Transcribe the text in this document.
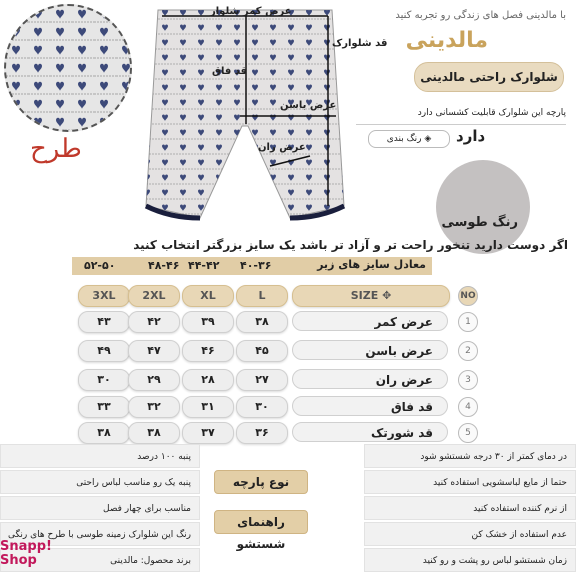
طرح
عرض کمر شلوار
قد شلوارک
قد فاق
عرض باسن
عرض ران
با مالدینی فصل های زندگی رو تجربه کنید
مالدینی
شلوارک راحتی مالدینی
پارچه این شلوارک قابلیت کشسانی دارد
◈ رنگ بندی	دارد
رنگ طوسی
اگر دوست دارید تنخور راحت تر و آزاد تر باشد یک سایز بزرگتر انتخاب کنید
معادل سایز های زیر
۵۲-۵۰	۴۸-۴۶ ۴۴-۴۲ ۴۰-۳۶
3XL	2XL	XL	L	SIZE ✥	NO
۴۳	۴۲	۳۹	۳۸	عرض کمر	1
۴۹	۴۷	۴۶	۴۵	عرض باسن	2
۳۰	۲۹	۲۸	۲۷	عرض ران	3
۳۳	۳۲	۳۱	۳۰	قد فاق	4
۳۸	۳۸	۳۷	۳۶	قد شورتک	5
پنبه ۱۰۰ درصد
پنبه یک رو مناسب لباس راحتی
مناسب برای چهار فصل
رنگ این شلوارک زمینه طوسی با طرح های رنگی
برند محصول: مالدینی
نوع پارچه
راهنمای شستشو
در دمای کمتر از ۳۰ درجه شستشو شود
حتما از مایع لباسشویی استفاده کنید
از نرم کننده استفاده کنید
عدم استفاده از خشک کن
زمان شستشو لباس رو پشت و رو کنید
Snapp!
Shop
